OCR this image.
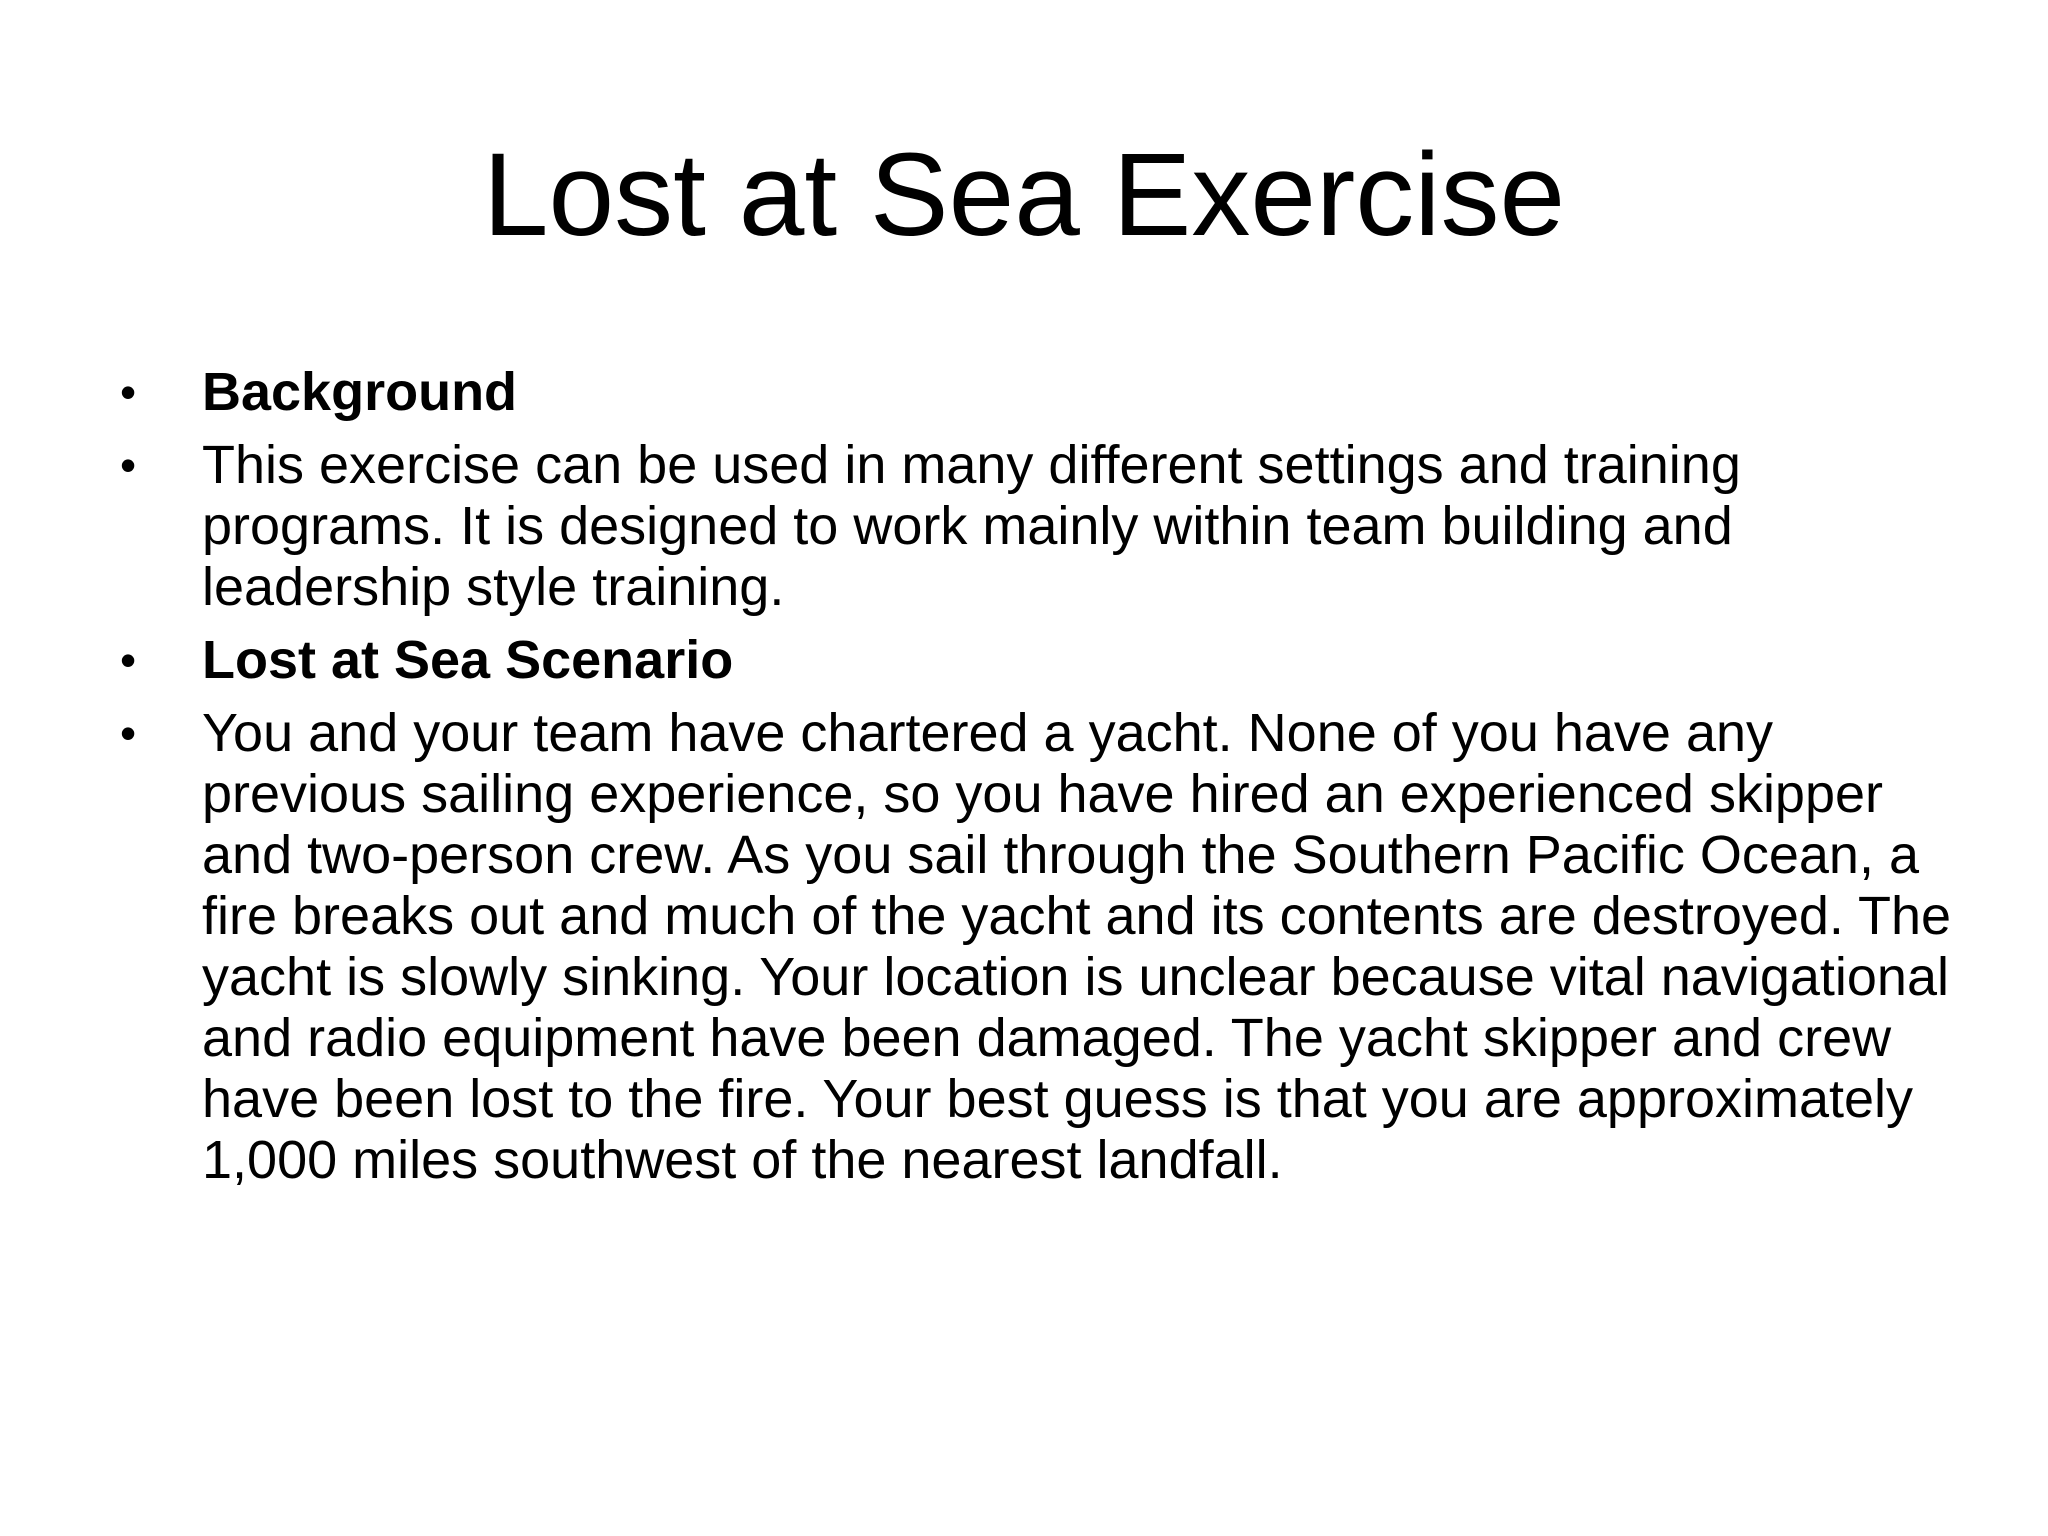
Lost at Sea Exercise
•	Background
•	This exercise can be used in many different settings and training programs. It is designed to work mainly within team building and leadership style training.
•	Lost at Sea Scenario
•	You and your team have chartered a yacht. None of you have any previous sailing experience, so you have hired an experienced skipper and two-person crew. As you sail through the Southern Pacific Ocean, a fire breaks out and much of the yacht and its contents are destroyed. The yacht is slowly sinking. Your location is unclear because vital navigational and radio equipment have been damaged. The yacht skipper and crew have been lost to the fire. Your best guess is that you are approximately 1,000 miles southwest of the nearest landfall.
